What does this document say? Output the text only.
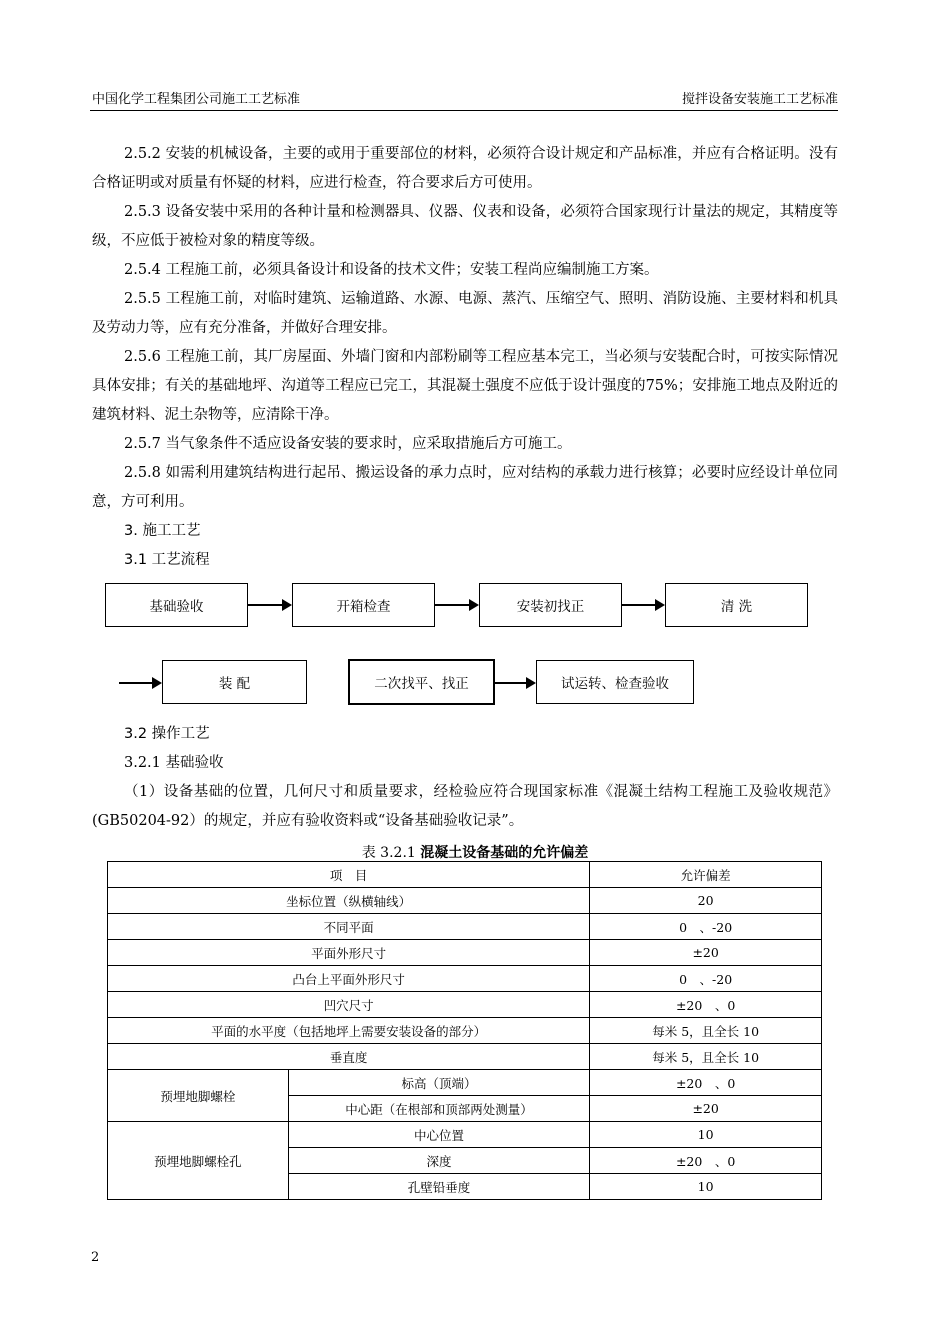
中国化学工程集团公司施工工艺标准	搅拌设备安装施工工艺标准

2.5.2 安装的机械设备，主要的或用于重要部位的材料，必须符合设计规定和产品标准，并应有合格证明。没有合格证明或对质量有怀疑的材料，应进行检查，符合要求后方可使用。

2.5.3 设备安装中采用的各种计量和检测器具、仪器、仪表和设备，必须符合国家现行计量法的规定，其精度等级，不应低于被检对象的精度等级。

2.5.4 工程施工前，必须具备设计和设备的技术文件；安装工程尚应编制施工方案。

2.5.5 工程施工前，对临时建筑、运输道路、水源、电源、蒸汽、压缩空气、照明、消防设施、主要材料和机具及劳动力等，应有充分准备，并做好合理安排。

2.5.6 工程施工前，其厂房屋面、外墙门窗和内部粉刷等工程应基本完工，当必须与安装配合时，可按实际情况具体安排；有关的基础地坪、沟道等工程应已完工，其混凝土强度不应低于设计强度的75%；安排施工地点及附近的建筑材料、泥土杂物等，应清除干净。

2.5.7 当气象条件不适应设备安装的要求时，应采取措施后方可施工。

2.5.8 如需利用建筑结构进行起吊、搬运设备的承力点时，应对结构的承载力进行核算；必要时应经设计单位同意，方可利用。

3. 施工工艺

3.1 工艺流程

基础验收	开箱检查	安装初找正	清 洗
装 配	二次找平、找正	试运转、检查验收

3.2 操作工艺

3.2.1 基础验收

（1）设备基础的位置，几何尺寸和质量要求，经检验应符合现国家标准《混凝土结构工程施工及验收规范》(GB50204-92）的规定，并应有验收资料或“设备基础验收记录”。

表 3.2.1 混凝土设备基础的允许偏差
项　目		允许偏差
坐标位置（纵横轴线）		20
不同平面		0　、-20
平面外形尺寸		±20
凸台上平面外形尺寸		0　、-20
凹穴尺寸		±20　、0
平面的水平度（包括地坪上需要安装设备的部分）		每米 5，且全长 10
垂直度		每米 5，且全长 10
预埋地脚螺栓	标高（顶端）	±20　、0
	中心距（在根部和顶部两处测量）	±20
预埋地脚螺栓孔	中心位置	10
	深度	±20　、0
	孔壁铅垂度	10
2
